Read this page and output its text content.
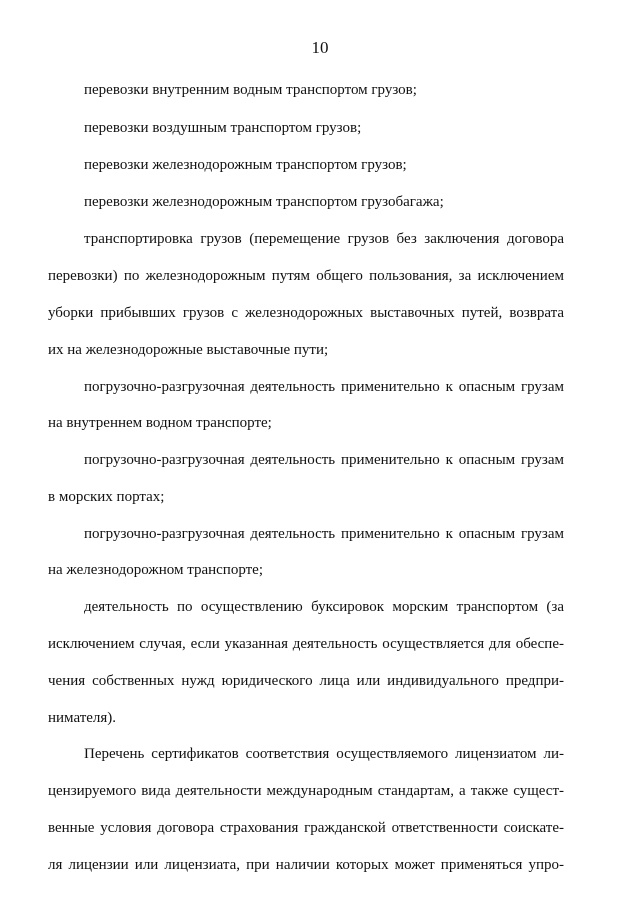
10
перевозки внутренним водным транспортом грузов;
перевозки воздушным транспортом грузов;
перевозки железнодорожным транспортом грузов;
перевозки железнодорожным транспортом грузобагажа;
транспортировка грузов (перемещение грузов без заключения договора
перевозки) по железнодорожным путям общего пользования, за исключением
уборки прибывших грузов с железнодорожных выставочных путей, возврата
их на железнодорожные выставочные пути;
погрузочно-разгрузочная деятельность применительно к опасным грузам
на внутреннем водном транспорте;
погрузочно-разгрузочная деятельность применительно к опасным грузам
в морских портах;
погрузочно-разгрузочная деятельность применительно к опасным грузам
на железнодорожном транспорте;
деятельность по осуществлению буксировок морским транспортом (за
исключением случая, если указанная деятельность осуществляется для обеспе-
чения собственных нужд юридического лица или индивидуального предпри-
нимателя).
Перечень сертификатов соответствия осуществляемого лицензиатом ли-
цензируемого вида деятельности международным стандартам, а также сущест-
венные условия договора страхования гражданской ответственности соискате-
ля лицензии или лицензиата, при наличии которых может применяться упро-
